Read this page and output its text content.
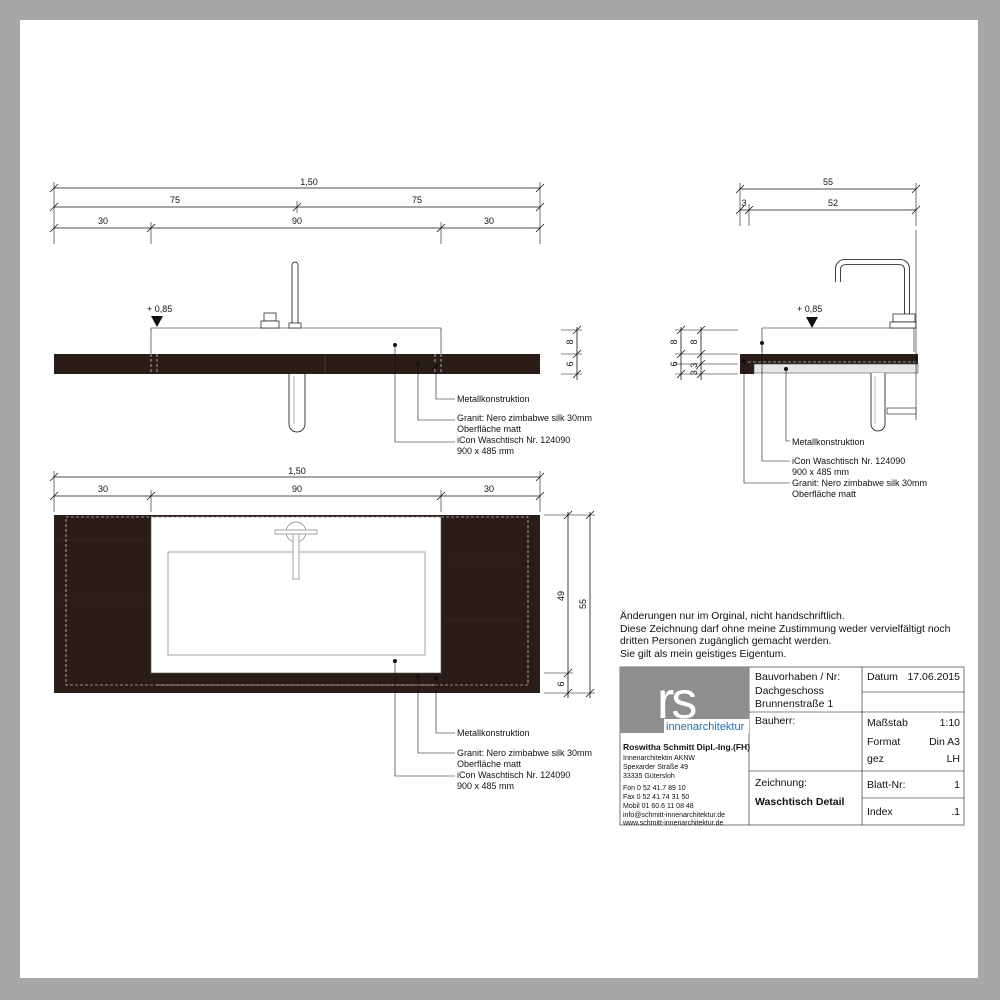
1,50
75	75
30	90	30
+ 0,85
8
6
Metallkonstruktion
Granit: Nero zimbabwe silk 30mm
Oberfläche matt
iCon Waschtisch Nr. 124090
900 x 485 mm
55
3	52
+ 0,85
8 8
6 3,3
Metallkonstruktion
iCon Waschtisch Nr. 124090
900 x 485 mm
Granit: Nero zimbabwe silk 30mm
Oberfläche matt
1,50
30	90	30
49
55
6
Metallkonstruktion
Granit: Nero zimbabwe silk 30mm
Oberfläche matt
iCon Waschtisch Nr. 124090
900 x 485 mm
rs
innenarchitektur
Roswitha Schmitt Dipl.-Ing.(FH)
Innenarchitektin AKNW
Spexarder Straße 49
33335 Gütersloh
Fon 0 52 41.7 89 10
Fax 0 52 41.74 31 50
Mobil 01 60.6 11 08 48
info@schmitt-innenarchitektur.de
www.schmitt-innenarchitektur.de
Bauvorhaben / Nr:
Dachgeschoss
Brunnenstraße 1
Datum 17.06.2015
Bauherr:	Maßstab	1:10
Format	Din A3
gez	LH
Zeichnung:
Waschtisch Detail
Blatt-Nr:	1
Index	.1
Änderungen nur im Orginal, nicht handschriftlich.
Diese Zeichnung darf ohne meine Zustimmung weder vervielfältigt noch
dritten Personen zugänglich gemacht werden.
Sie gilt als mein geistiges Eigentum.
